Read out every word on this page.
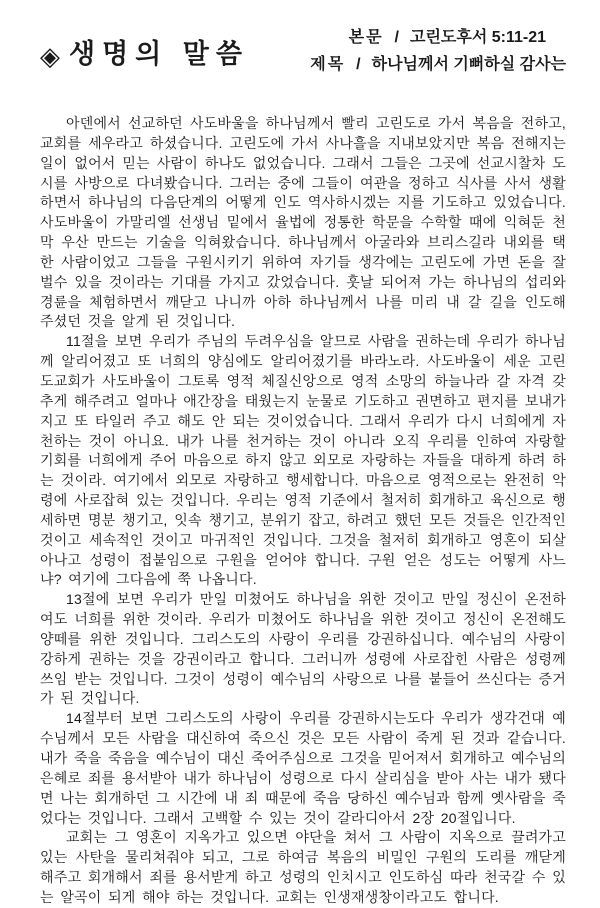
◈ 생명의 말씀
본문 / 고린도후서 5:11-21
제목 / 하나님께서 기뻐하실 감사는

아덴에서 선교하던 사도바울을 하나님께서 빨리 고린도로 가서 복음을 전하고, 교회를 세우라고 하셨습니다. 고린도에 가서 사나흘을 지내보았지만 복음 전해지는 일이 없어서 믿는 사람이 하나도 없었습니다. 그래서 그들은 그곳에 선교시찰차 도시를 사방으로 다녀봤습니다. 그러는 중에 그들이 여관을 정하고 식사를 사서 생활하면서 하나님의 다음단계의 어떻게 인도 역사하시겠는 지를 기도하고 있었습니다. 사도바울이 가말리엘 선생님 밑에서 율법에 정통한 학문을 수학할 때에 익혀둔 천막 우산 만드는 기술을 익혀왔습니다. 하나님께서 아굴라와 브리스길라 내외를 택한 사람이었고 그들을 구원시키기 위하여 자기들 생각에는 고린도에 가면 돈을 잘 벌수 있을 것이라는 기대를 가지고 갔었습니다. 훗날 되어져 가는 하나님의 섭리와 경륜을 체험하면서 깨닫고 나니까 아하 하나님께서 나를 미리 내 갈 길을 인도해 주셨던 것을 알게 된 것입니다.

11절을 보면 우리가 주님의 두려우심을 알므로 사람을 권하는데 우리가 하나님께 알리어졌고 또 너희의 양심에도 알리어졌기를 바라노라. 사도바울이 세운 고린도교회가 사도바울이 그토록 영적 체질신앙으로 영적 소망의 하늘나라 갈 자격 갖추게 해주려고 얼마나 애간장을 태웠는지 눈물로 기도하고 권면하고 편지를 보내가지고 또 타일러 주고 해도 안 되는 것이었습니다. 그래서 우리가 다시 너희에게 자천하는 것이 아니요. 내가 나를 천거하는 것이 아니라 오직 우리를 인하여 자랑할 기회를 너희에게 주어 마음으로 하지 않고 외모로 자랑하는 자들을 대하게 하려 하는 것이라. 여기에서 외모로 자랑하고 행세합니다. 마음으로 영적으로는 완전히 악령에 사로잡혀 있는 것입니다. 우리는 영적 기준에서 철저히 회개하고 육신으로 행세하면 명분 챙기고, 잇속 챙기고, 분위기 잡고, 하려고 했던 모든 것들은 인간적인 것이고 세속적인 것이고 마귀적인 것입니다. 그것을 철저히 회개하고 영혼이 되살아나고 성령이 접붙임으로 구원을 얻어야 합니다. 구원 얻은 성도는 어떻게 사느냐? 여기에 그다음에 쭉 나옵니다.

13절에 보면 우리가 만일 미쳤어도 하나님을 위한 것이고 만일 정신이 온전하여도 너희를 위한 것이라. 우리가 미쳤어도 하나님을 위한 것이고 정신이 온전해도 양떼를 위한 것입니다. 그리스도의 사랑이 우리를 강권하십니다. 예수님의 사랑이 강하게 권하는 것을 강권이라고 합니다. 그러니까 성령에 사로잡힌 사람은 성령께 쓰임 받는 것입니다. 그것이 성령이 예수님의 사랑으로 나를 붙들어 쓰신다는 증거가 된 것입니다.

14절부터 보면 그리스도의 사랑이 우리를 강권하시는도다 우리가 생각건대 예수님께서 모든 사람을 대신하여 죽으신 것은 모든 사람이 죽게 된 것과 같습니다. 내가 죽을 죽음을 예수님이 대신 죽어주심으로 그것을 믿어져서 회개하고 예수님의 은혜로 죄를 용서받아 내가 하나님이 성령으로 다시 살리심을 받아 사는 내가 됐다면 나는 회개하던 그 시간에 내 죄 때문에 죽음 당하신 예수님과 함께 옛사람을 죽었다는 것입니다. 그래서 고백할 수 있는 것이 갈라디아서 2장 20절입니다.

교회는 그 영혼이 지옥가고 있으면 야단을 쳐서 그 사람이 지옥으로 끌려가고 있는 사탄을 물리쳐줘야 되고, 그로 하여금 복음의 비밀인 구원의 도리를 깨닫게 해주고 회개해서 죄를 용서받게 하고 성령의 인치시고 인도하심 따라 천국갈 수 있는 알곡이 되게 해야 하는 것입니다. 교회는 인생재생창이라고도 합니다.
